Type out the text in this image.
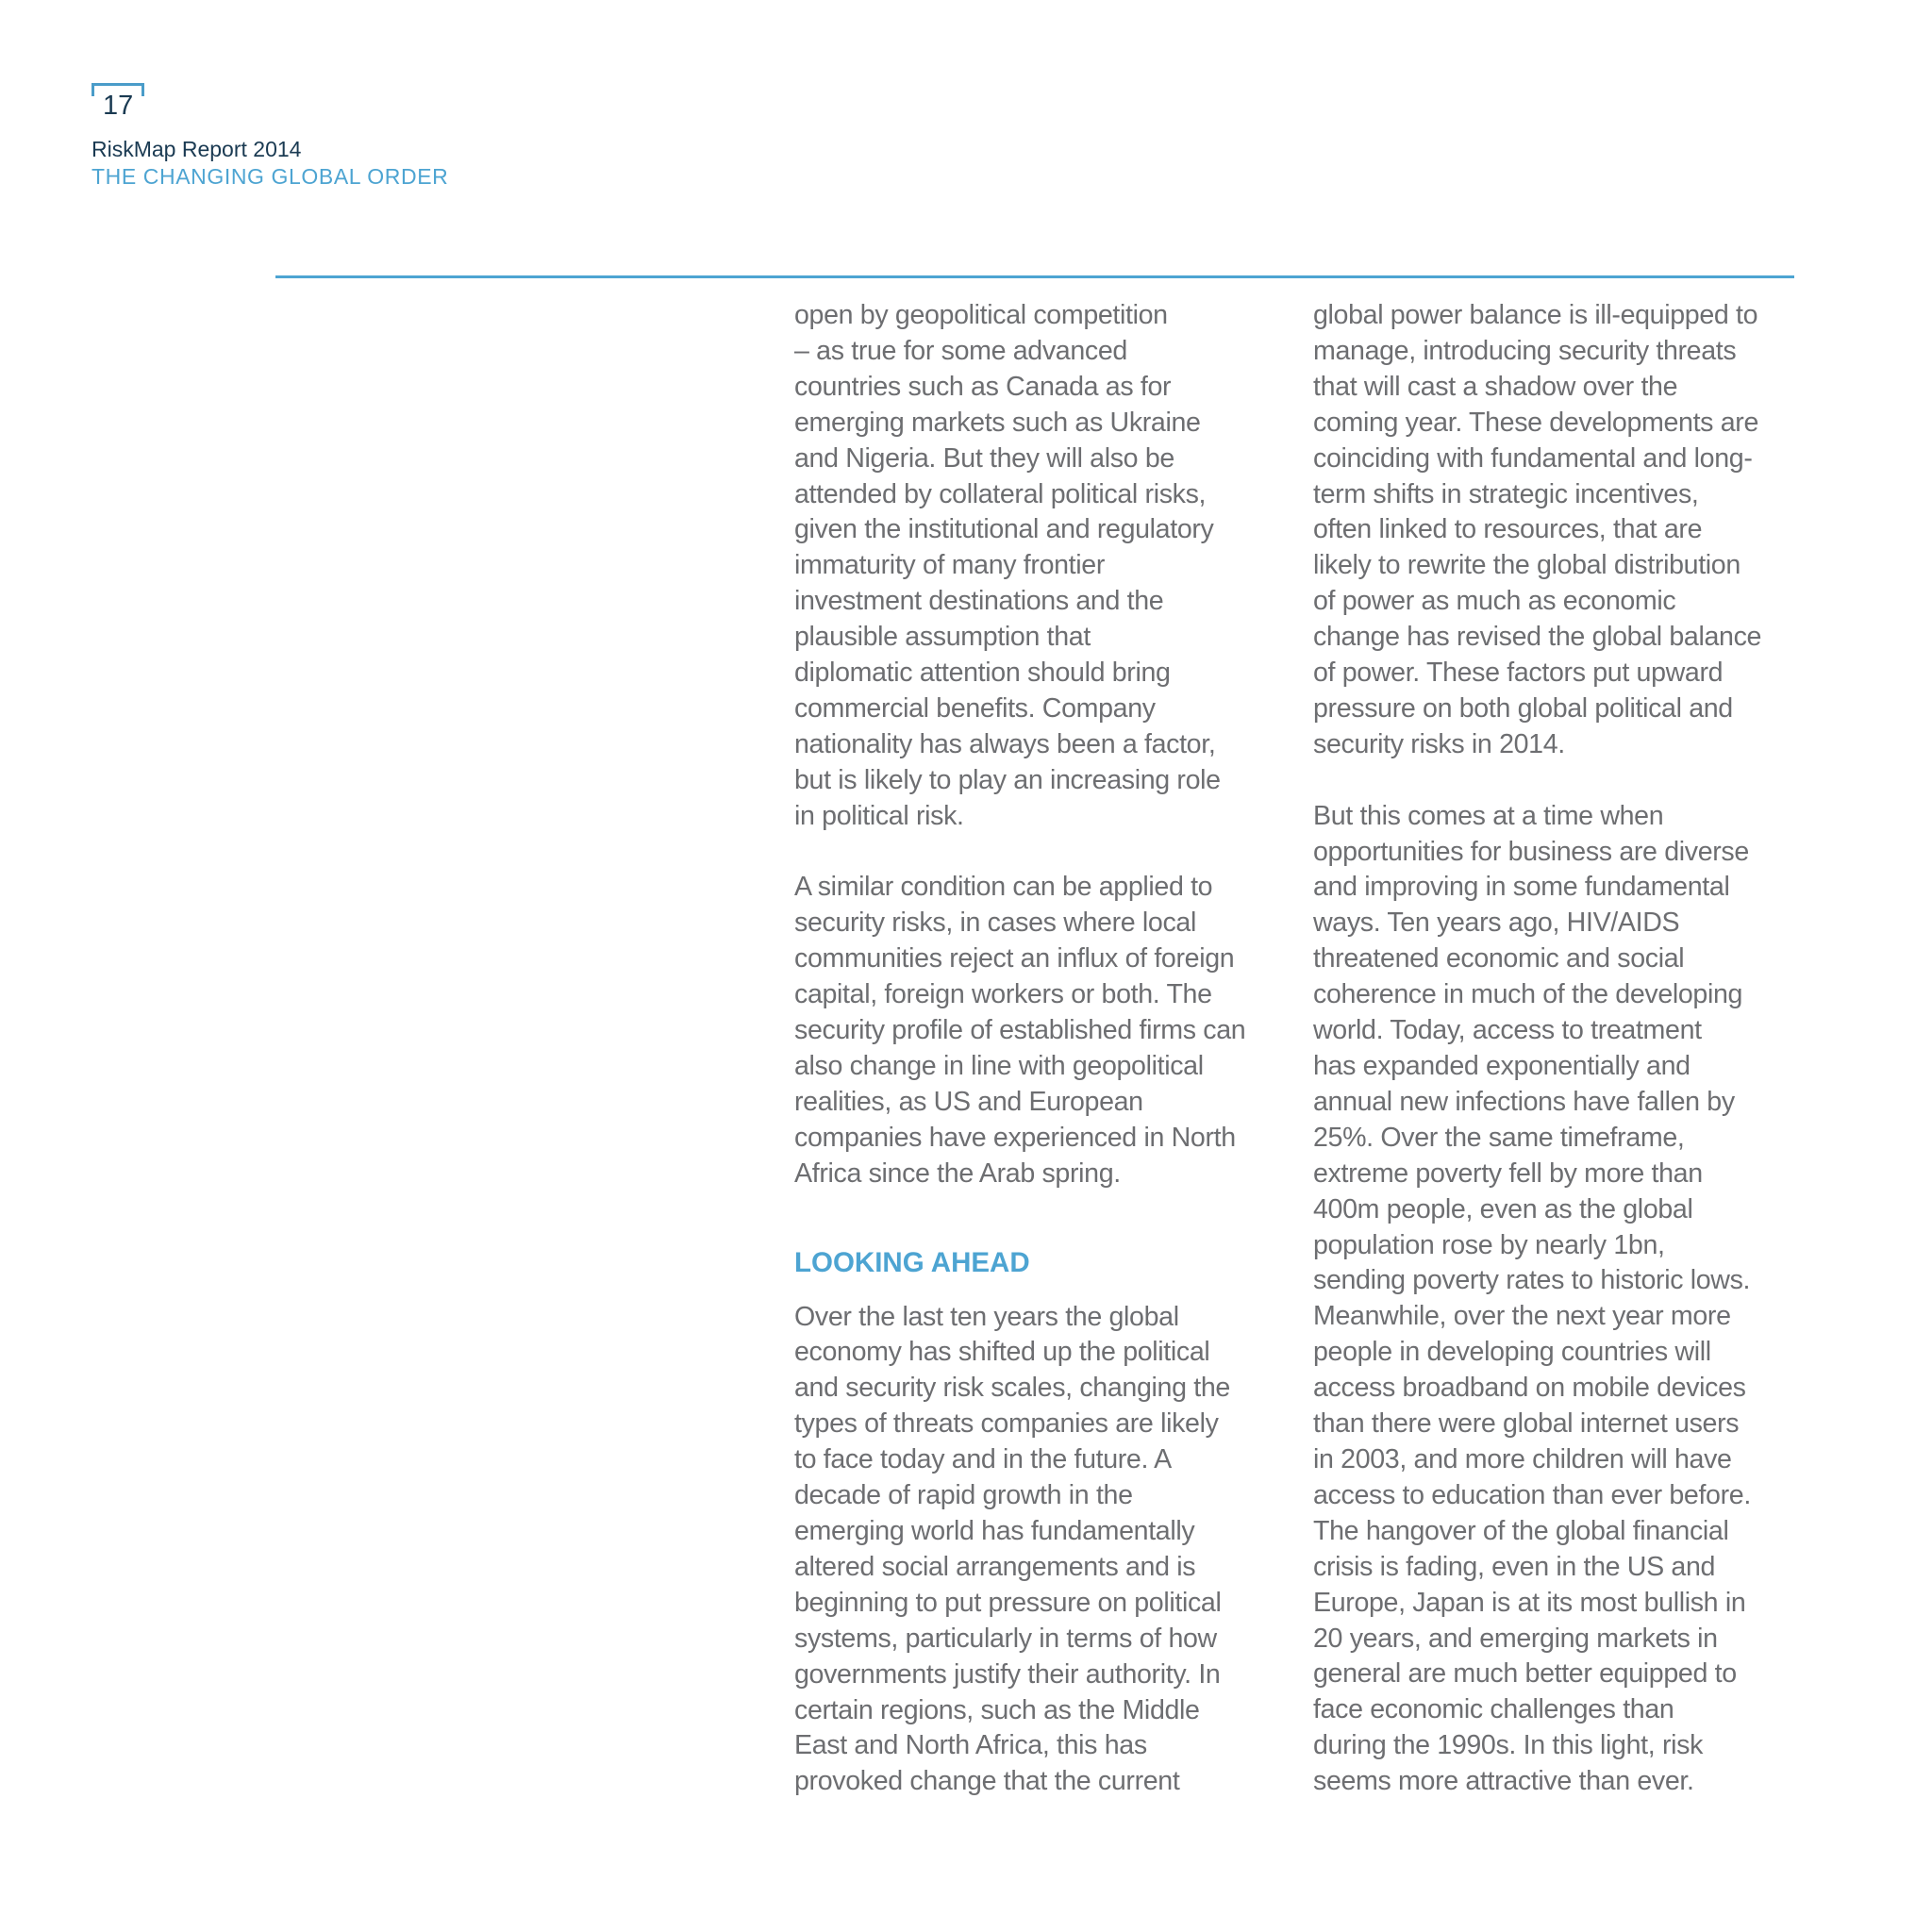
17
RiskMap Report 2014
THE CHANGING GLOBAL ORDER

open by geopolitical competition
– as true for some advanced
countries such as Canada as for
emerging markets such as Ukraine
and Nigeria. But they will also be
attended by collateral political risks,
given the institutional and regulatory
immaturity of many frontier
investment destinations and the
plausible assumption that
diplomatic attention should bring
commercial benefits. Company
nationality has always been a factor,
but is likely to play an increasing role
in political risk.

A similar condition can be applied to
security risks, in cases where local
communities reject an influx of foreign
capital, foreign workers or both. The
security profile of established firms can
also change in line with geopolitical
realities, as US and European
companies have experienced in North
Africa since the Arab spring.

LOOKING AHEAD

Over the last ten years the global
economy has shifted up the political
and security risk scales, changing the
types of threats companies are likely
to face today and in the future. A
decade of rapid growth in the
emerging world has fundamentally
altered social arrangements and is
beginning to put pressure on political
systems, particularly in terms of how
governments justify their authority. In
certain regions, such as the Middle
East and North Africa, this has
provoked change that the current

global power balance is ill-equipped to
manage, introducing security threats
that will cast a shadow over the
coming year. These developments are
coinciding with fundamental and long-
term shifts in strategic incentives,
often linked to resources, that are
likely to rewrite the global distribution
of power as much as economic
change has revised the global balance
of power. These factors put upward
pressure on both global political and
security risks in 2014.

But this comes at a time when
opportunities for business are diverse
and improving in some fundamental
ways. Ten years ago, HIV/AIDS
threatened economic and social
coherence in much of the developing
world. Today, access to treatment
has expanded exponentially and
annual new infections have fallen by
25%. Over the same timeframe,
extreme poverty fell by more than
400m people, even as the global
population rose by nearly 1bn,
sending poverty rates to historic lows.
Meanwhile, over the next year more
people in developing countries will
access broadband on mobile devices
than there were global internet users
in 2003, and more children will have
access to education than ever before.
The hangover of the global financial
crisis is fading, even in the US and
Europe, Japan is at its most bullish in
20 years, and emerging markets in
general are much better equipped to
face economic challenges than
during the 1990s. In this light, risk
seems more attractive than ever.
